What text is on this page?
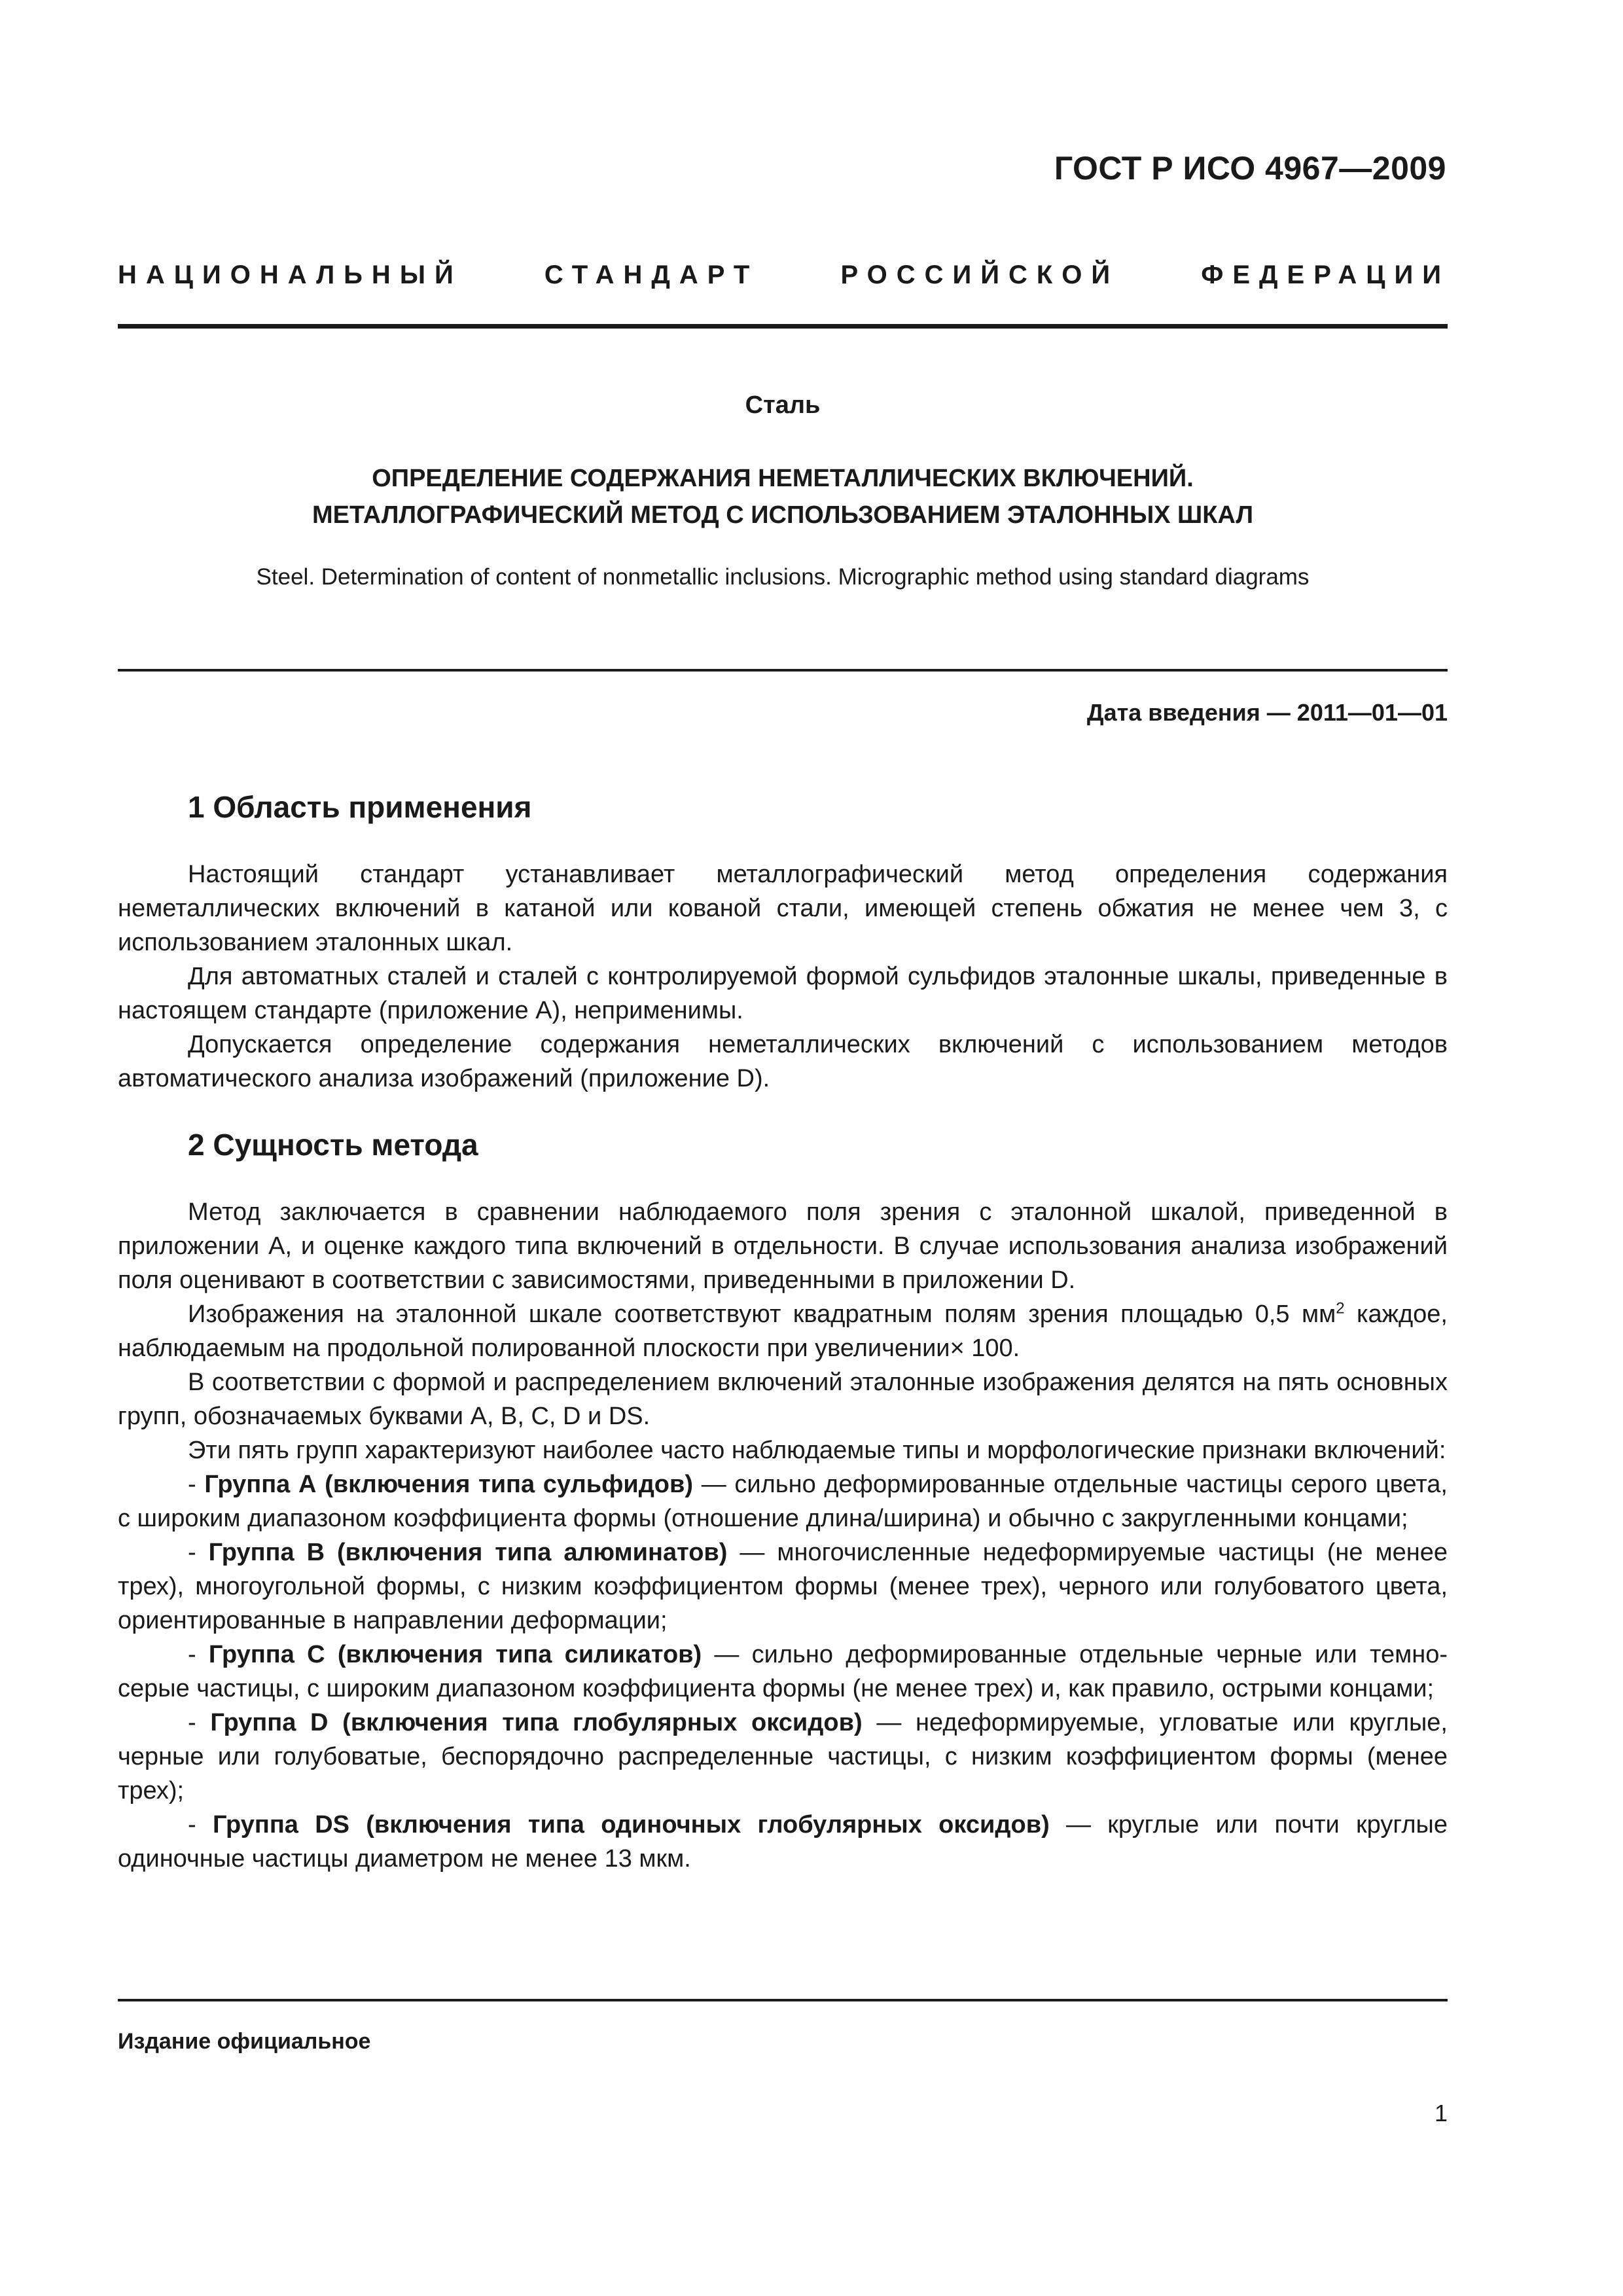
ГОСТ Р ИСО 4967—2009
НАЦИОНАЛЬНЫЙ	СТАНДАРТ	РОССИЙСКОЙ	ФЕДЕРАЦИИ
Сталь
ОПРЕДЕЛЕНИЕ СОДЕРЖАНИЯ НЕМЕТАЛЛИЧЕСКИХ ВКЛЮЧЕНИЙ.
МЕТАЛЛОГРАФИЧЕСКИЙ МЕТОД С ИСПОЛЬЗОВАНИЕМ ЭТАЛОННЫХ ШКАЛ
Steel. Determination of content of nonmetallic inclusions. Micrographic method using standard diagrams
Дата введения — 2011—01—01
1 Область применения

Настоящий стандарт устанавливает металлографический метод определения содержания неметаллических включений в катаной или кованой стали, имеющей степень обжатия не менее чем 3, с использованием эталонных шкал.

Для автоматных сталей и сталей с контролируемой формой сульфидов эталонные шкалы, приведенные в настоящем стандарте (приложение А), неприменимы.

Допускается определение содержания неметаллических включений с использованием методов автоматического анализа изображений (приложение D).

2 Сущность метода

Метод заключается в сравнении наблюдаемого поля зрения с эталонной шкалой, приведенной в приложении А, и оценке каждого типа включений в отдельности. В случае использования анализа изображений поля оценивают в соответствии с зависимостями, приведенными в приложении D.

Изображения на эталонной шкале соответствуют квадратным полям зрения площадью 0,5 $мм^2$ каждое, наблюдаемым на продольной полированной плоскости при увеличении× 100.

В соответствии с формой и распределением включений эталонные изображения делятся на пять основных групп, обозначаемых буквами A, B, C, D и DS.

Эти пять групп характеризуют наиболее часто наблюдаемые типы и морфологические признаки включений:

- Группа А (включения типа сульфидов) — сильно деформированные отдельные частицы серого цвета, с широким диапазоном коэффициента формы (отношение длина/ширина) и обычно с закругленными концами;

- Группа В (включения типа алюминатов) — многочисленные недеформируемые частицы (не менее трех), многоугольной формы, с низким коэффициентом формы (менее трех), черного или голубоватого цвета, ориентированные в направлении деформации;

- Группа С (включения типа силикатов) — сильно деформированные отдельные черные или темно-серые частицы, с широким диапазоном коэффициента формы (не менее трех) и, как правило, острыми концами;

- Группа D (включения типа глобулярных оксидов) — недеформируемые, угловатые или круглые, черные или голубоватые, беспорядочно распределенные частицы, с низким коэффициентом формы (менее трех);

- Группа DS (включения типа одиночных глобулярных оксидов) — круглые или почти круглые одиночные частицы диаметром не менее 13 мкм.

Издание официальное
1
